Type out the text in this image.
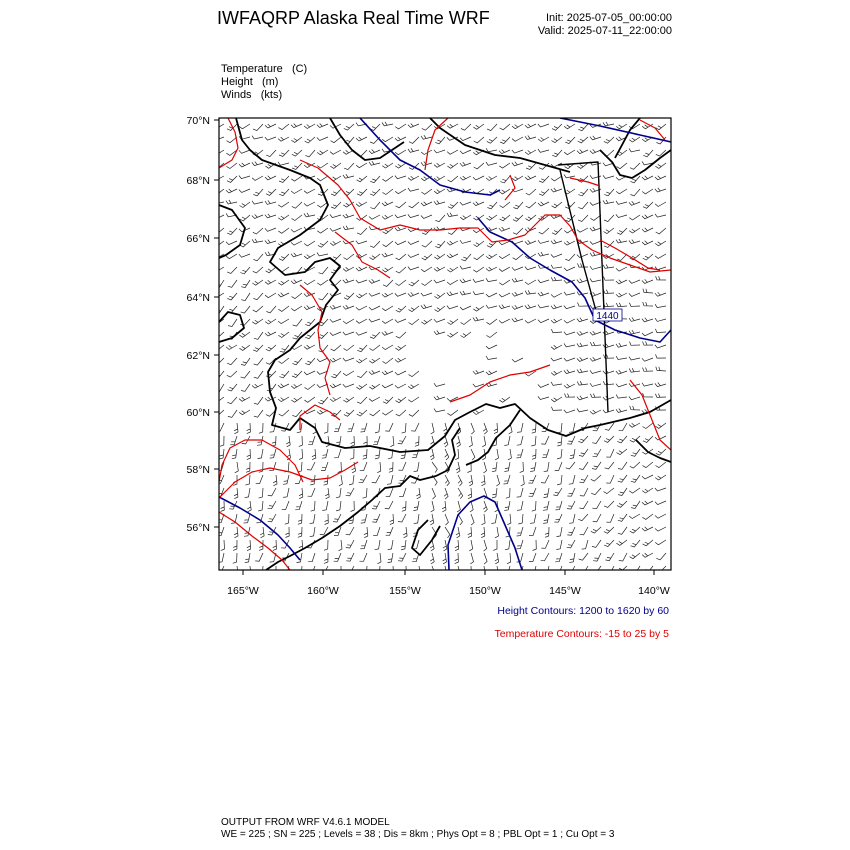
IWFAQRP Alaska Real Time WRF	Init: 2025-07-05_00:00:00
Valid: 2025-07-11_22:00:00
Temperature (C)
Height (m)
Winds (kts)
1440
70°N
68°N
66°N
64°N
62°N
60°N
58°N
56°N
165°W	160°W	155°W	150°W	145°W	140°W
Height Contours: 1200 to 1620 by 60
Temperature Contours: -15 to 25 by 5
OUTPUT FROM WRF V4.6.1 MODEL
WE = 225 ; SN = 225 ; Levels = 38 ; Dis = 8km ; Phys Opt = 8 ; PBL Opt = 1 ; Cu Opt = 3
